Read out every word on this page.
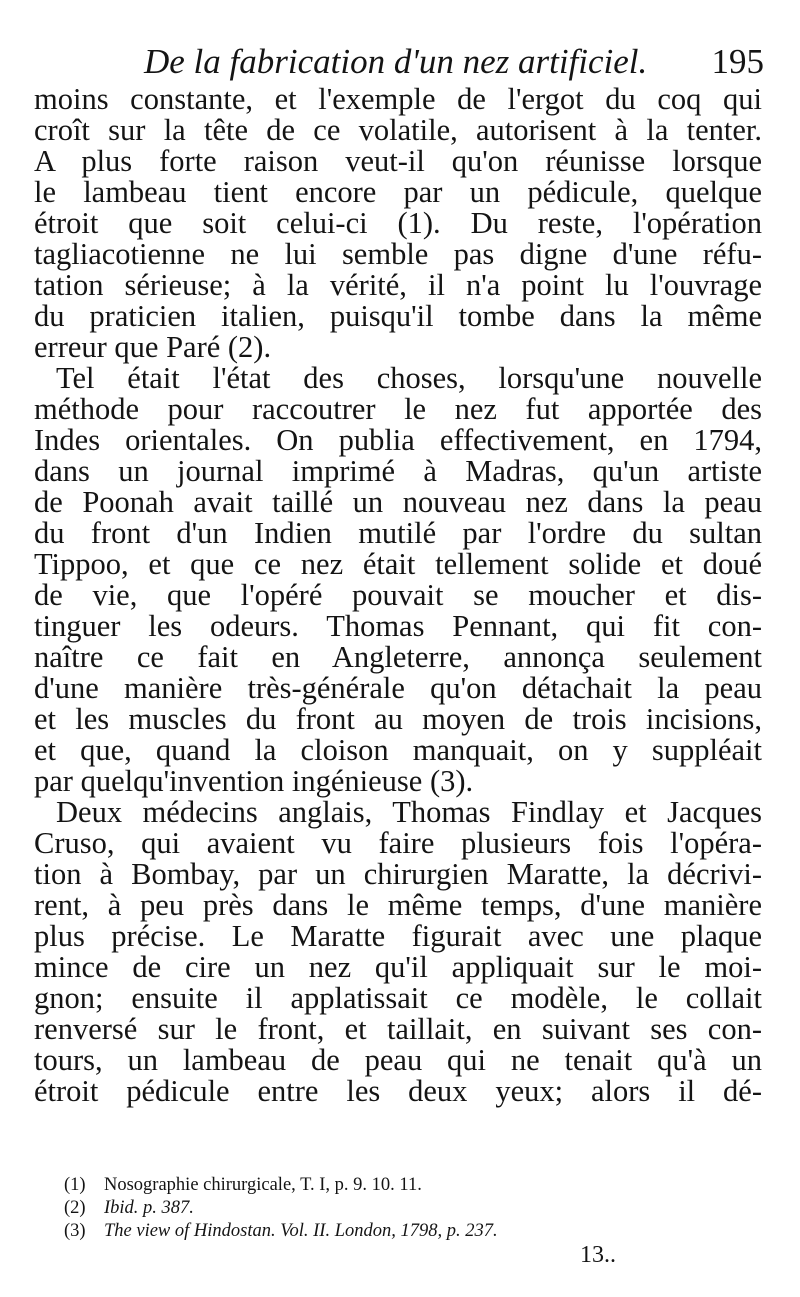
De la fabrication d'un nez artificiel. 195
moins constante, et l'exemple de l'ergot du coq qui
croît sur la tête de ce volatile, autorisent à la tenter.
A plus forte raison veut-il qu'on réunisse lorsque
le lambeau tient encore par un pédicule, quelque
étroit que soit celui-ci (1). Du reste, l'opération
tagliacotienne ne lui semble pas digne d'une réfu-
tation sérieuse; à la vérité, il n'a point lu l'ouvrage
du praticien italien, puisqu'il tombe dans la même
erreur que Paré (2).
Tel était l'état des choses, lorsqu'une nouvelle
méthode pour raccoutrer le nez fut apportée des
Indes orientales. On publia effectivement, en 1794,
dans un journal imprimé à Madras, qu'un artiste
de Poonah avait taillé un nouveau nez dans la peau
du front d'un Indien mutilé par l'ordre du sultan
Tippoo, et que ce nez était tellement solide et doué
de vie, que l'opéré pouvait se moucher et dis-
tinguer les odeurs. Thomas Pennant, qui fit con-
naître ce fait en Angleterre, annonça seulement
d'une manière très-générale qu'on détachait la peau
et les muscles du front au moyen de trois incisions,
et que, quand la cloison manquait, on y suppléait
par quelqu'invention ingénieuse (3).
Deux médecins anglais, Thomas Findlay et Jacques
Cruso, qui avaient vu faire plusieurs fois l'opéra-
tion à Bombay, par un chirurgien Maratte, la décrivi-
rent, à peu près dans le même temps, d'une manière
plus précise. Le Maratte figurait avec une plaque
mince de cire un nez qu'il appliquait sur le moi-
gnon; ensuite il applatissait ce modèle, le collait
renversé sur le front, et taillait, en suivant ses con-
tours, un lambeau de peau qui ne tenait qu'à un
étroit pédicule entre les deux yeux; alors il dé-
(1) Nosographie chirurgicale, T. I, p. 9. 10. 11.
(2) Ibid. p. 387.
(3) The view of Hindostan. Vol. II. London, 1798, p. 237.
13..
